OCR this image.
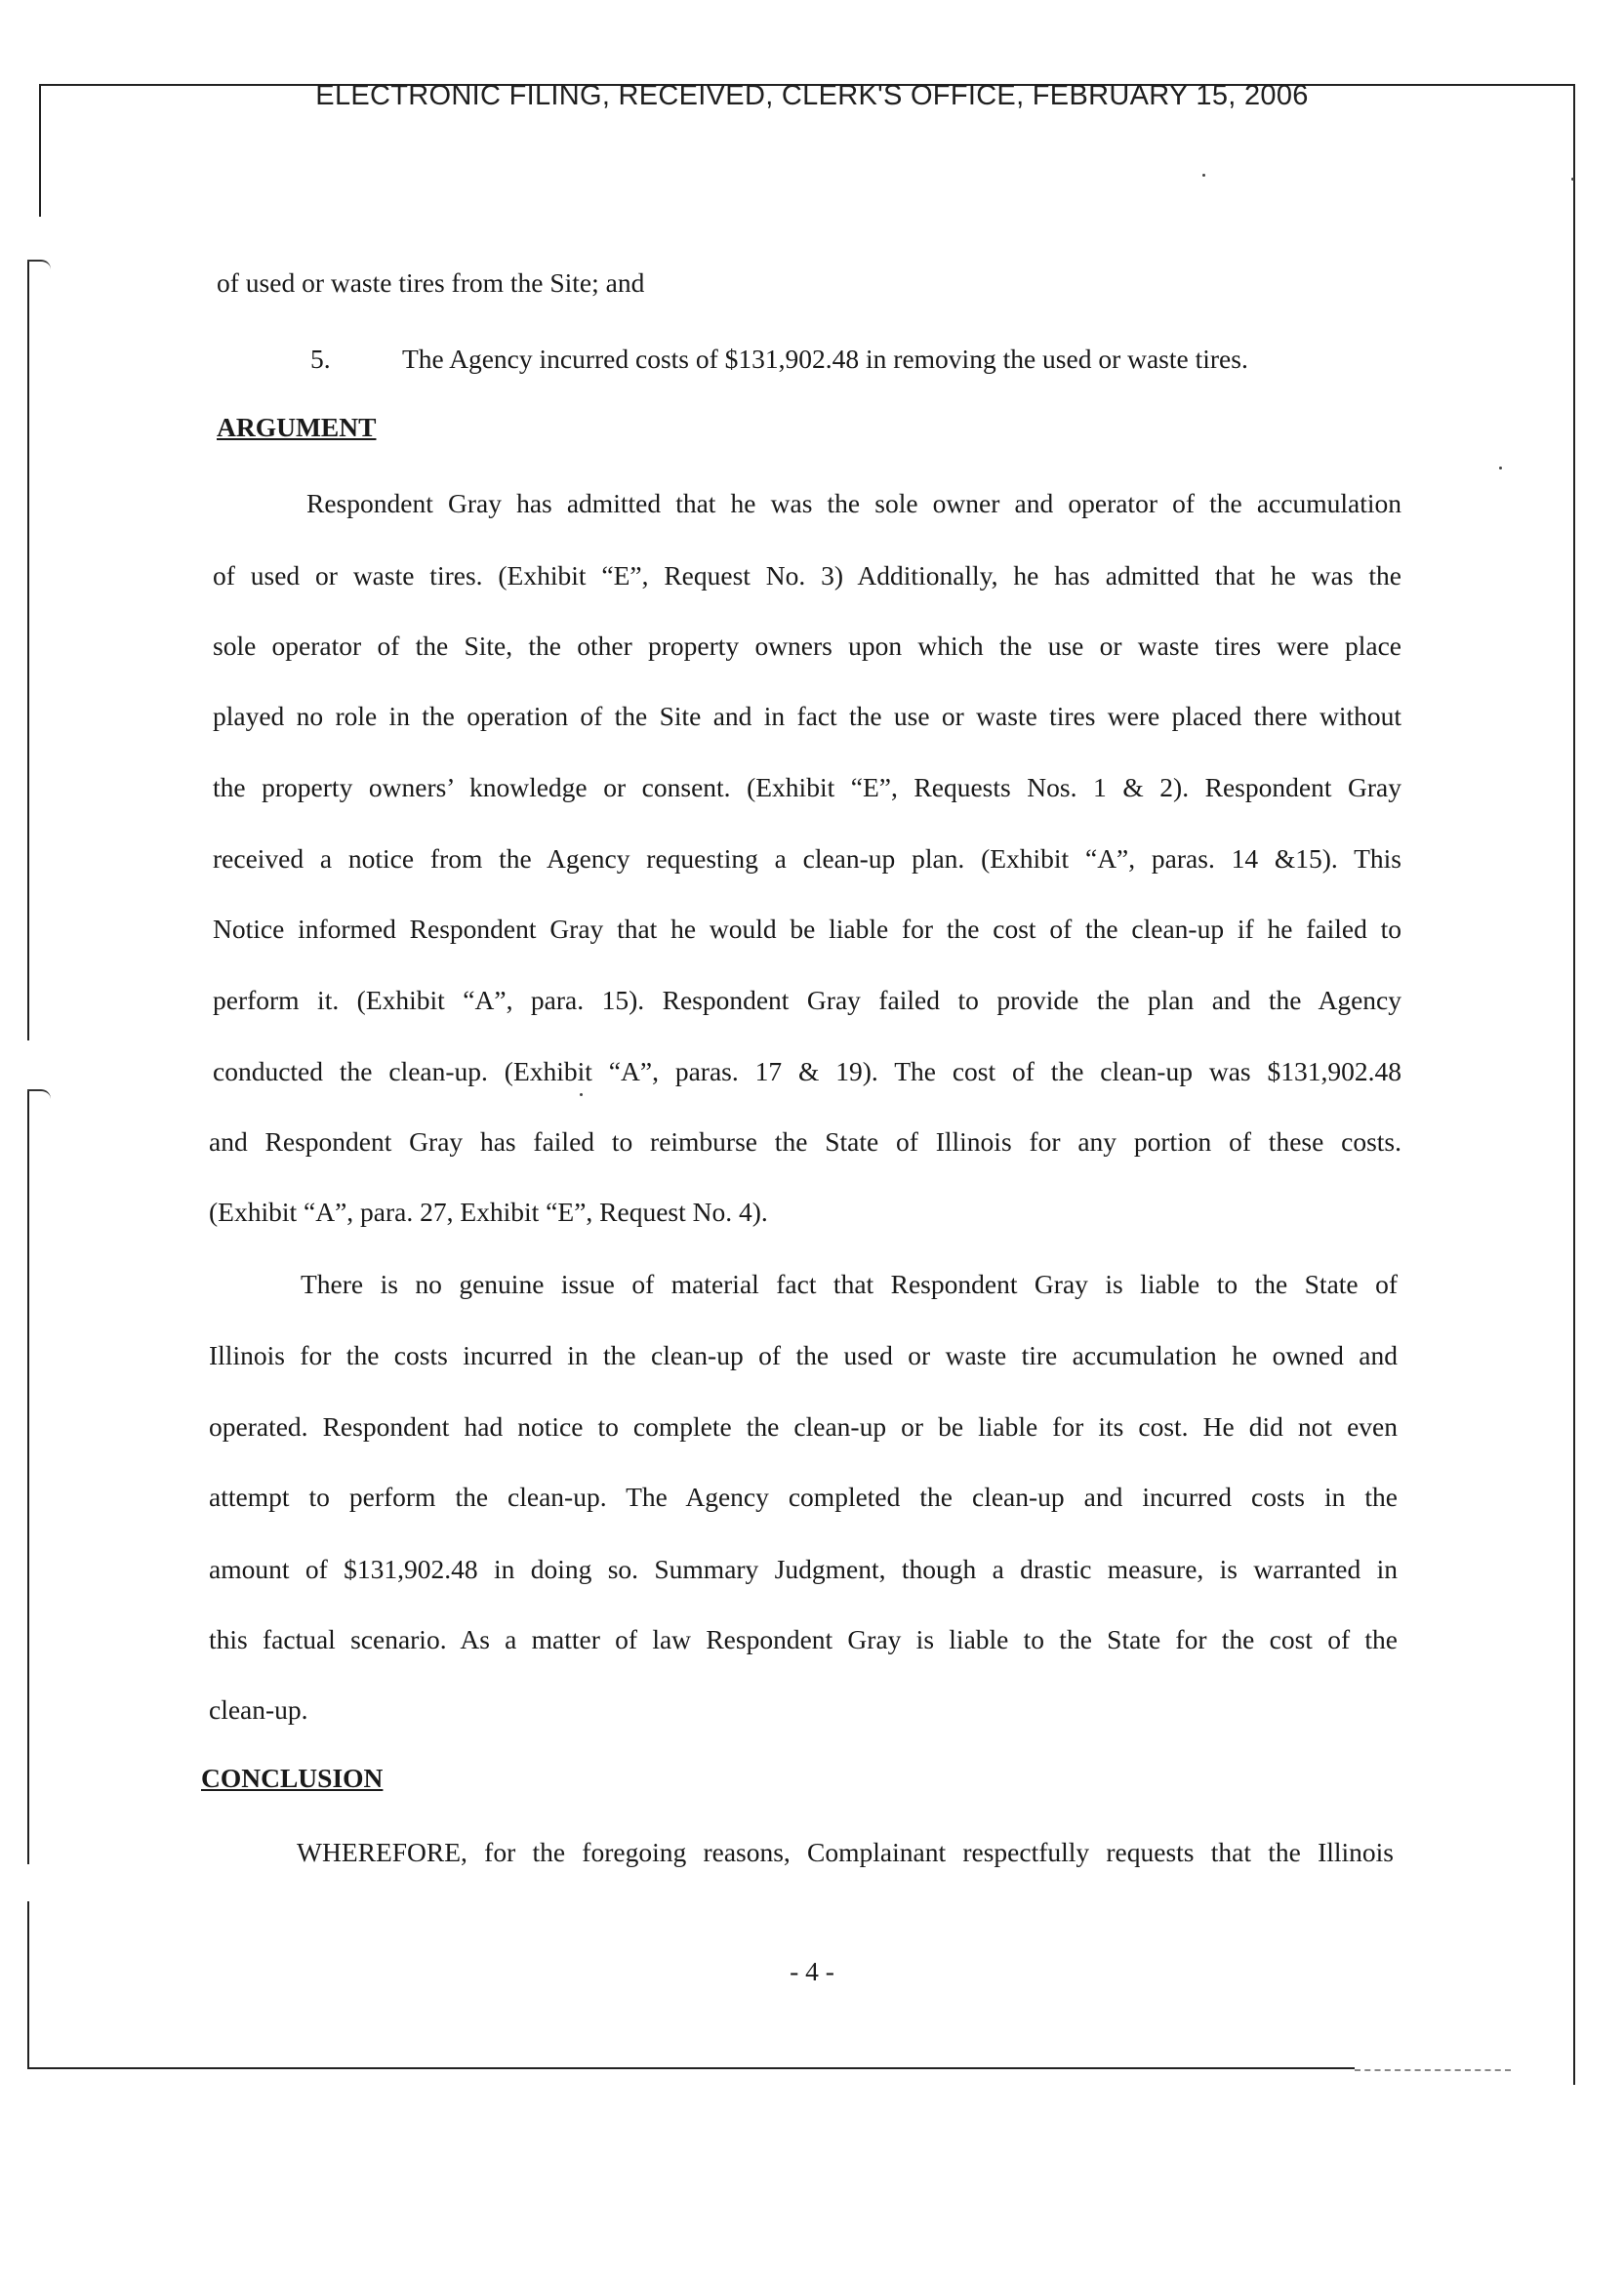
ELECTRONIC FILING, RECEIVED, CLERK'S OFFICE, FEBRUARY 15, 2006
of used or waste tires from the Site; and
5.	The Agency incurred costs of $131,902.48 in removing the used or waste tires.
ARGUMENT
Respondent Gray has admitted that he was the sole owner and operator of the accumulation
of used or waste tires. (Exhibit “E”, Request No. 3) Additionally, he has admitted that he was the
sole operator of the Site, the other property owners upon which the use or waste tires were place
played no role in the operation of the Site and in fact the use or waste tires were placed there without
the property owners’ knowledge or consent. (Exhibit “E”, Requests Nos. 1 & 2). Respondent Gray
received a notice from the Agency requesting a clean-up plan. (Exhibit “A”, paras. 14 &15). This
Notice informed Respondent Gray that he would be liable for the cost of the clean-up if he failed to
perform it. (Exhibit “A”, para. 15). Respondent Gray failed to provide the plan and the Agency
conducted the clean-up. (Exhibit “A”, paras. 17 & 19). The cost of the clean-up was $131,902.48
and Respondent Gray has failed to reimburse the State of Illinois for any portion of these costs.
(Exhibit “A”, para. 27, Exhibit “E”, Request No. 4).
There is no genuine issue of material fact that Respondent Gray is liable to the State of
Illinois for the costs incurred in the clean-up of the used or waste tire accumulation he owned and
operated. Respondent had notice to complete the clean-up or be liable for its cost. He did not even
attempt to perform the clean-up. The Agency completed the clean-up and incurred costs in the
amount of $131,902.48 in doing so. Summary Judgment, though a drastic measure, is warranted in
this factual scenario. As a matter of law Respondent Gray is liable to the State for the cost of the
clean-up.
CONCLUSION
WHEREFORE, for the foregoing reasons, Complainant respectfully requests that the Illinois
- 4 -
